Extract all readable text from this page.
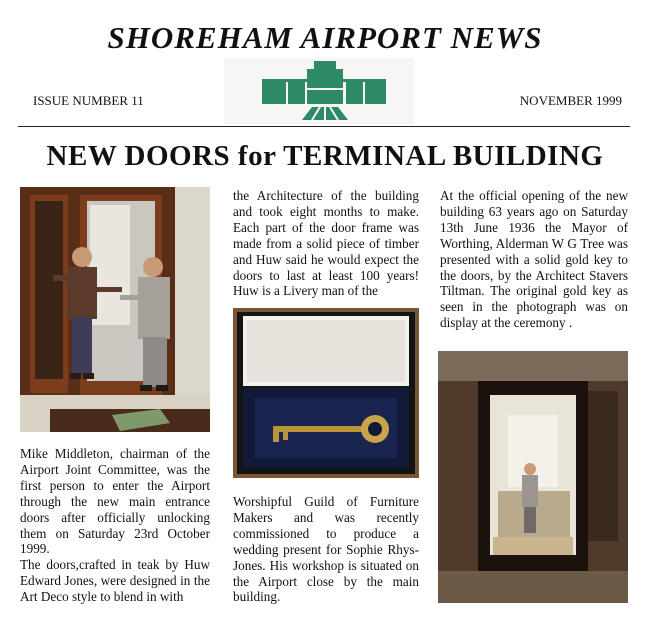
SHOREHAM AIRPORT NEWS
ISSUE NUMBER 11	NOVEMBER 1999
NEW DOORS for TERMINAL BUILDING

Mike Middleton, chairman of the Airport Joint Committee, was the first person to enter the Airport through the new main entrance doors after officially unlocking them on Saturday 23rd October 1999.

The doors,crafted in teak by Huw Edward Jones, were designed in the Art Deco style to blend in with

the Architecture of the building and took eight months to make. Each part of the door frame was made from a solid piece of timber and Huw said he would expect the doors to last at least 100 years! Huw is a Livery man of the

Worshipful Guild of Furniture Makers and was recently commissioned to produce a wedding present for Sophie Rhys-Jones. His workshop is situated on the Airport close by the main building.

At the official opening of the new building 63 years ago on Saturday 13th June 1936 the Mayor of Worthing, Alderman W G Tree was presented with a solid gold key to the doors, by the Architect Stavers Tiltman. The original gold key as seen in the photograph was on display at the ceremony .
